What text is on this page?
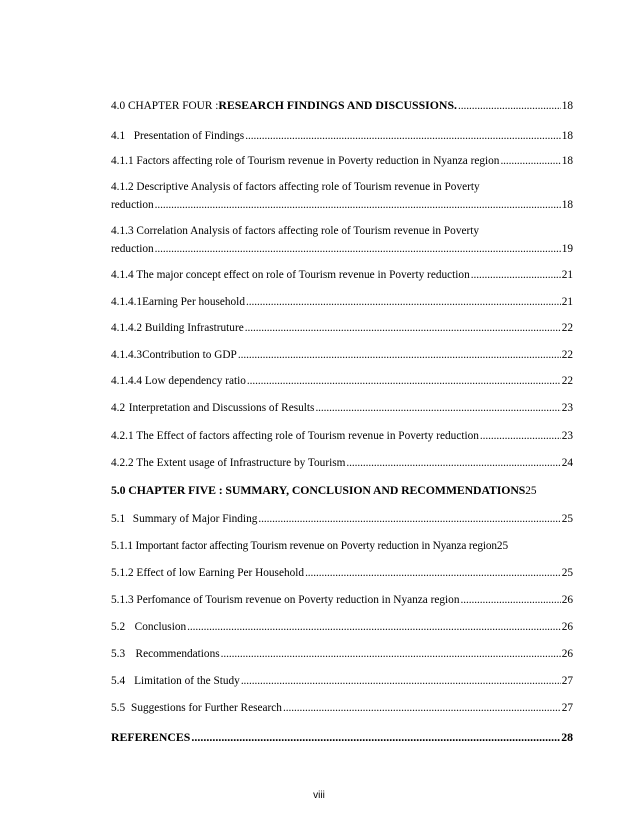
4.0 CHAPTER FOUR : RESEARCH FINDINGS AND DISCUSSIONS. . . .	18
4.1 Presentation of Findings . . .	18
4.1.1 Factors affecting role of Tourism revenue in Poverty reduction in Nyanza region . . .	18
4.1.2 Descriptive Analysis of factors affecting role of Tourism revenue in Poverty
reduction . . .	18
4.1.3 Correlation Analysis of factors affecting role of Tourism revenue in Poverty
reduction . . .	19
4.1.4 The major concept effect on role of Tourism revenue in Poverty reduction . . .	21
4.1.4.1Earning Per household . . .	21
4.1.4.2 Building Infrastruture . . .	22
4.1.4.3Contribution to GDP . . .	22
4.1.4.4 Low dependency ratio . . .	22
4.2 Interpretation and Discussions of Results . . .	23
4.2.1 The Effect of factors affecting role of Tourism revenue in Poverty reduction . . .	23
4.2.2 The Extent usage of Infrastructure by Tourism . . .	24
5.0 CHAPTER FIVE : SUMMARY, CONCLUSION AND RECOMMENDATIONS 25
5.1 Summary of Major Finding . . .	25
5.1.1 Important factor affecting Tourism revenue on Poverty reduction in Nyanza region 25
5.1.2 Effect of low Earning Per Household . . .	25
5.1.3 Perfomance of Tourism revenue on Poverty reduction in Nyanza region . . .	26
5.2 Conclusion . . .	26
5.3 Recommendations . . .	26
5.4 Limitation of the Study . . .	27
5.5 Suggestions for Further Research . . .	27
REFERENCES . . .	28
viii
